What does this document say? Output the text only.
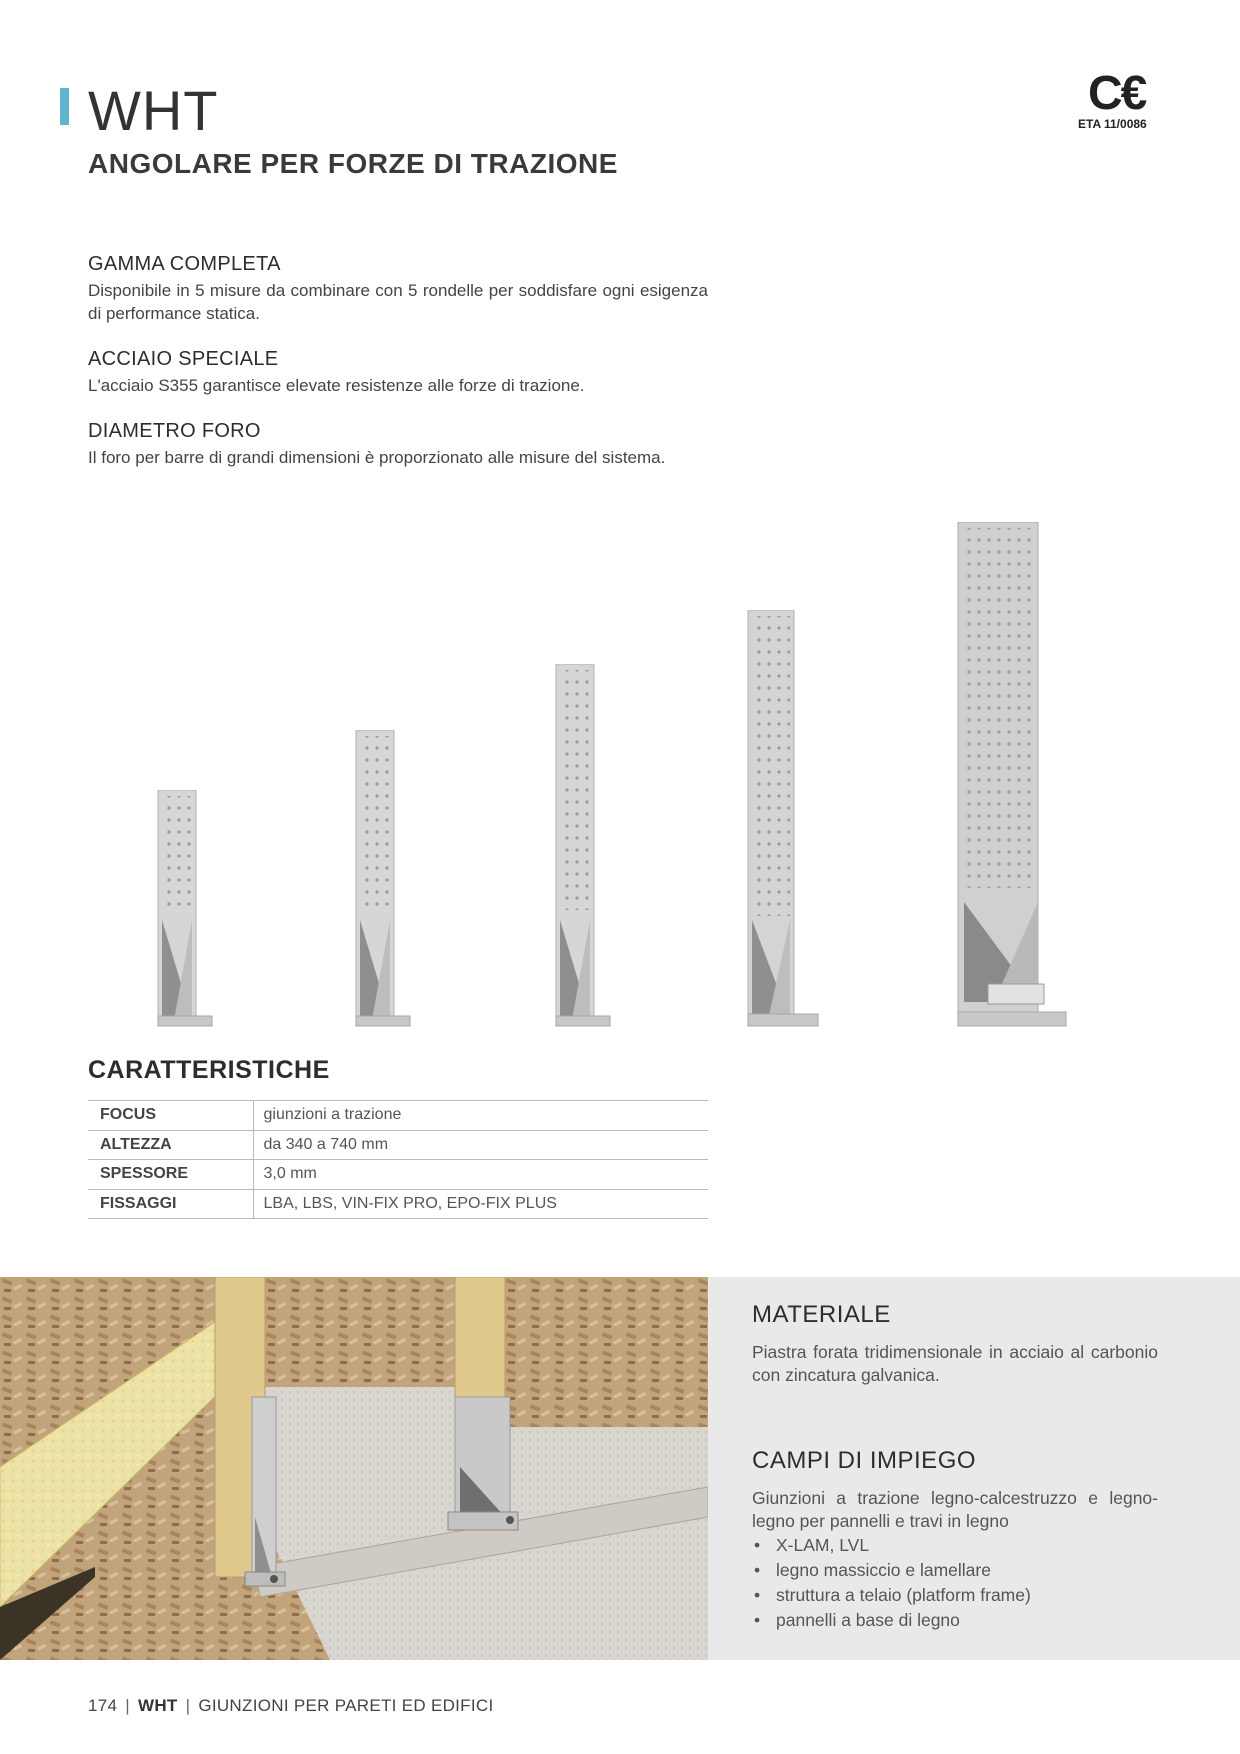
WHT
ANGOLARE PER FORZE DI TRAZIONE
C€
ETA 11/0086
GAMMA COMPLETA

Disponibile in 5 misure da combinare con 5 rondelle per soddisfare ogni esigenza di performance statica.

ACCIAIO SPECIALE

L'acciaio S355 garantisce elevate resistenze alle forze di trazione.

DIAMETRO FORO

Il foro per barre di grandi dimensioni è proporzionato alle misure del sistema.

CARATTERISTICHE
FOCUS	giunzioni a trazione
ALTEZZA	da 340 a 740 mm
SPESSORE	3,0 mm
FISSAGGI	LBA, LBS, VIN-FIX PRO, EPO-FIX PLUS
MATERIALE

Piastra forata tridimensionale in acciaio al carbonio con zincatura galvanica.

CAMPI DI IMPIEGO

Giunzioni a trazione legno-calcestruzzo e legno-legno per pannelli e travi in legno

• X-LAM, LVL
• legno massiccio e lamellare
• struttura a telaio (platform frame)
• pannelli a base di legno
174 | WHT | GIUNZIONI PER PARETI ED EDIFICI
